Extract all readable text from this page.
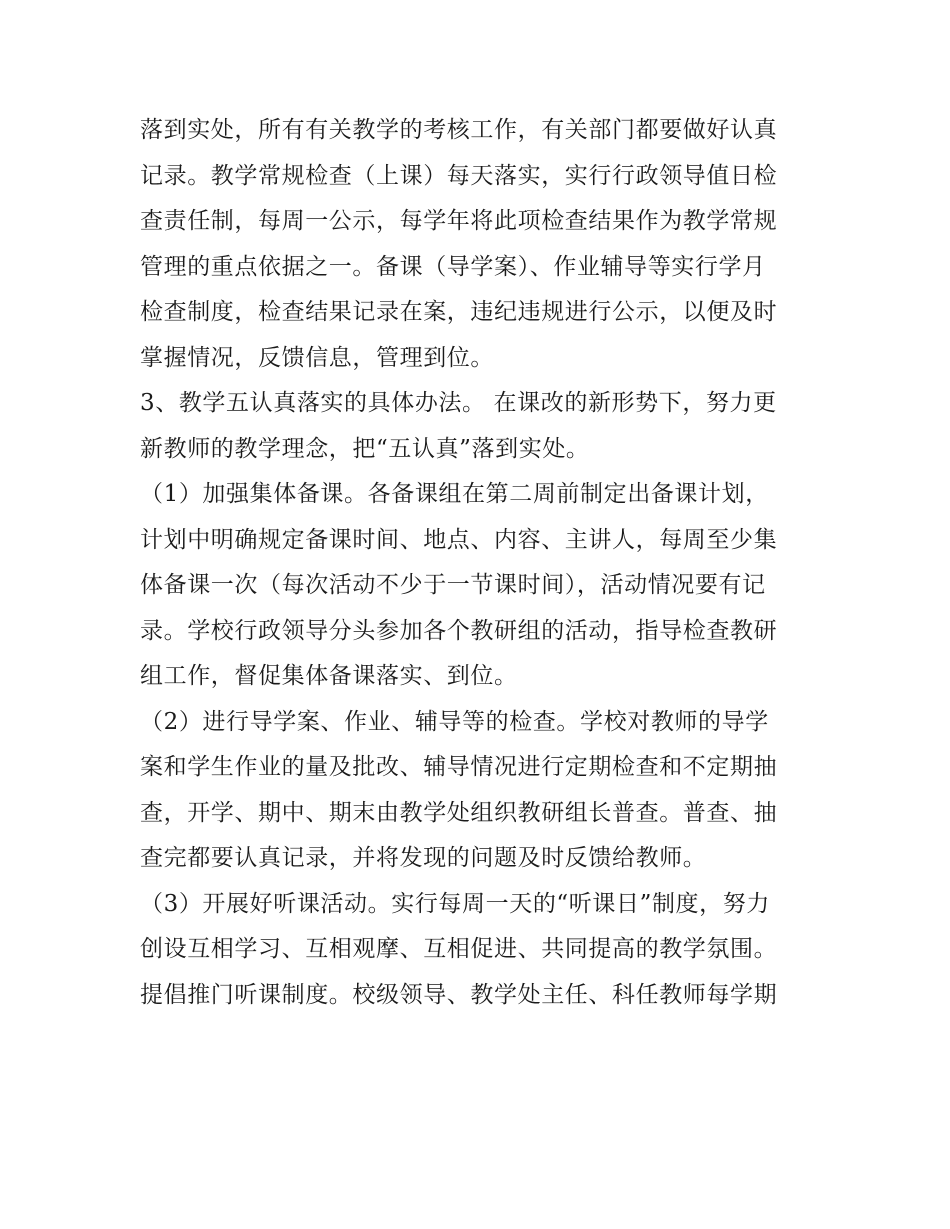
落到实处，所有有关教学的考核工作，有关部门都要做好认真
记录。教学常规检查（上课）每天落实，实行行政领导值日检
查责任制，每周一公示，每学年将此项检查结果作为教学常规
管理的重点依据之一。备课（导学案）、作业辅导等实行学月
检查制度，检查结果记录在案，违纪违规进行公示，以便及时
掌握情况，反馈信息，管理到位。
3、教学五认真落实的具体办法。 在课改的新形势下，努力更
新教师的教学理念，把“五认真”落到实处。
（1）加强集体备课。各备课组在第二周前制定出备课计划，
计划中明确规定备课时间、地点、内容、主讲人，每周至少集
体备课一次（每次活动不少于一节课时间），活动情况要有记
录。学校行政领导分头参加各个教研组的活动，指导检查教研
组工作，督促集体备课落实、到位。
（2）进行导学案、作业、辅导等的检查。学校对教师的导学
案和学生作业的量及批改、辅导情况进行定期检查和不定期抽
查，开学、期中、期末由教学处组织教研组长普查。普查、抽
查完都要认真记录，并将发现的问题及时反馈给教师。
（3）开展好听课活动。实行每周一天的“听课日”制度，努力
创设互相学习、互相观摩、互相促进、共同提高的教学氛围。
提倡推门听课制度。校级领导、教学处主任、科任教师每学期
